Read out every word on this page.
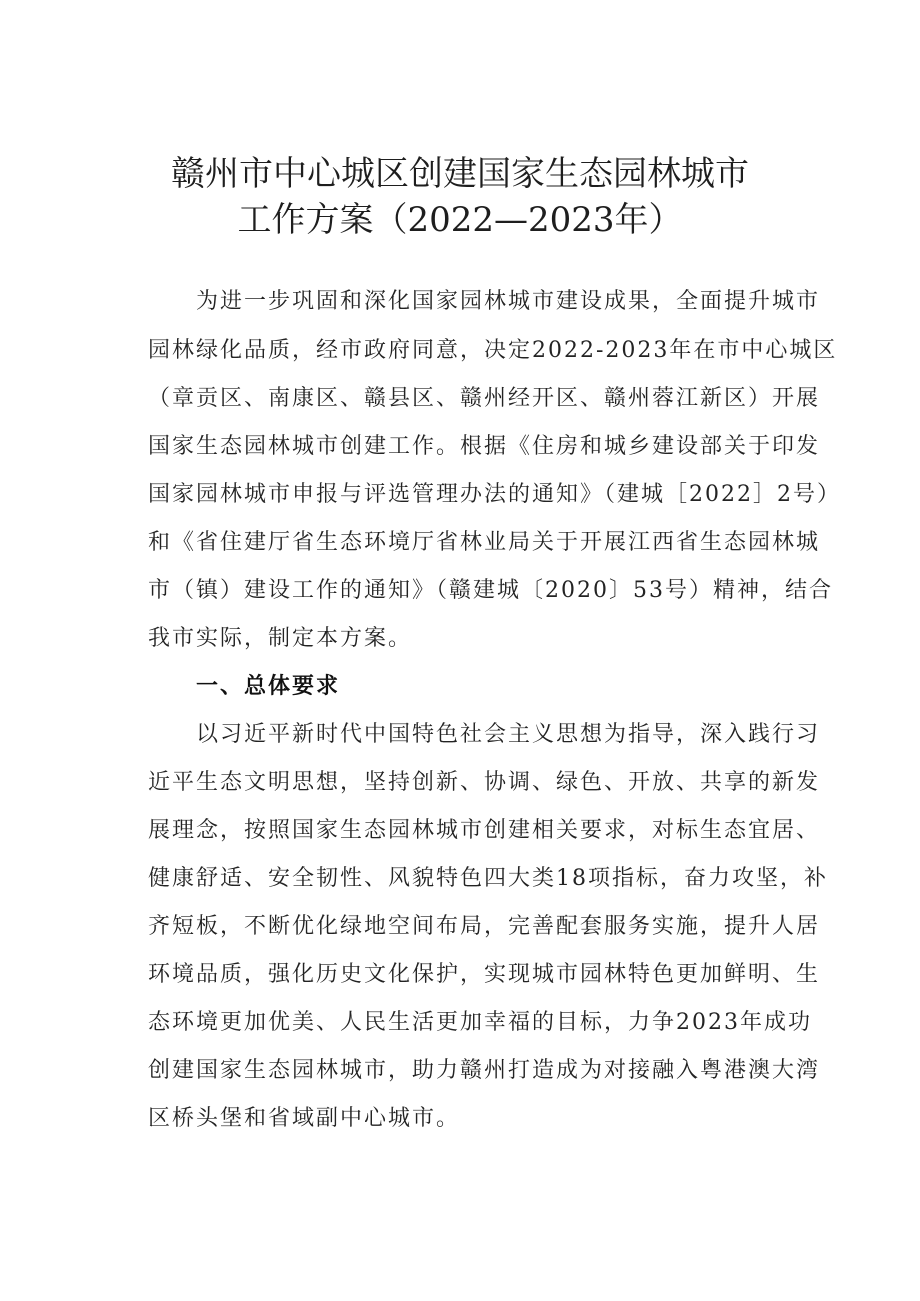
赣州市中心城区创建国家生态园林城市
工作方案（2022—2023年）
为进一步巩固和深化国家园林城市建设成果，全面提升城市
园林绿化品质，经市政府同意，决定2022-2023年在市中心城区
（章贡区、南康区、赣县区、赣州经开区、赣州蓉江新区）开展
国家生态园林城市创建工作。根据《住房和城乡建设部关于印发
国家园林城市申报与评选管理办法的通知》（建城［2022］2号）
和《省住建厅省生态环境厅省林业局关于开展江西省生态园林城
市（镇）建设工作的通知》（赣建城〔2020〕53号）精神，结合
我市实际，制定本方案。
一、总体要求
以习近平新时代中国特色社会主义思想为指导，深入践行习
近平生态文明思想，坚持创新、协调、绿色、开放、共享的新发
展理念，按照国家生态园林城市创建相关要求，对标生态宜居、
健康舒适、安全韧性、风貌特色四大类18项指标，奋力攻坚，补
齐短板，不断优化绿地空间布局，完善配套服务实施，提升人居
环境品质，强化历史文化保护，实现城市园林特色更加鲜明、生
态环境更加优美、人民生活更加幸福的目标，力争2023年成功
创建国家生态园林城市，助力赣州打造成为对接融入粤港澳大湾
区桥头堡和省域副中心城市。
